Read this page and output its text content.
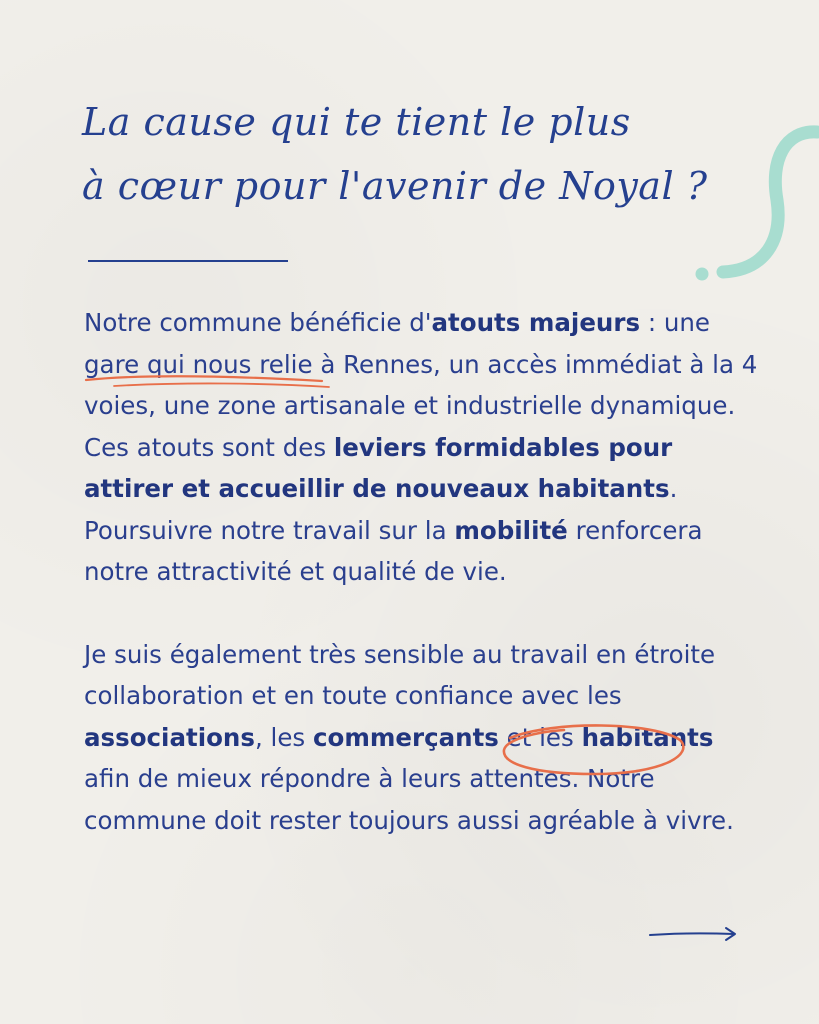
La cause qui te tient le plus
à cœur pour l'avenir de Noyal ?

Notre commune bénéficie d'atouts majeurs : une gare qui nous relie à Rennes, un accès immédiat à la 4 voies, une zone artisanale et industrielle dynamique. Ces atouts sont des leviers formidables pour attirer et accueillir de nouveaux habitants.

Poursuivre notre travail sur la mobilité renforcera notre attractivité et qualité de vie.

Je suis également très sensible au travail en étroite collaboration et en toute confiance avec les associations, les commerçants et les habitants afin de mieux répondre à leurs attentes. Notre commune doit rester toujours aussi agréable à vivre.
